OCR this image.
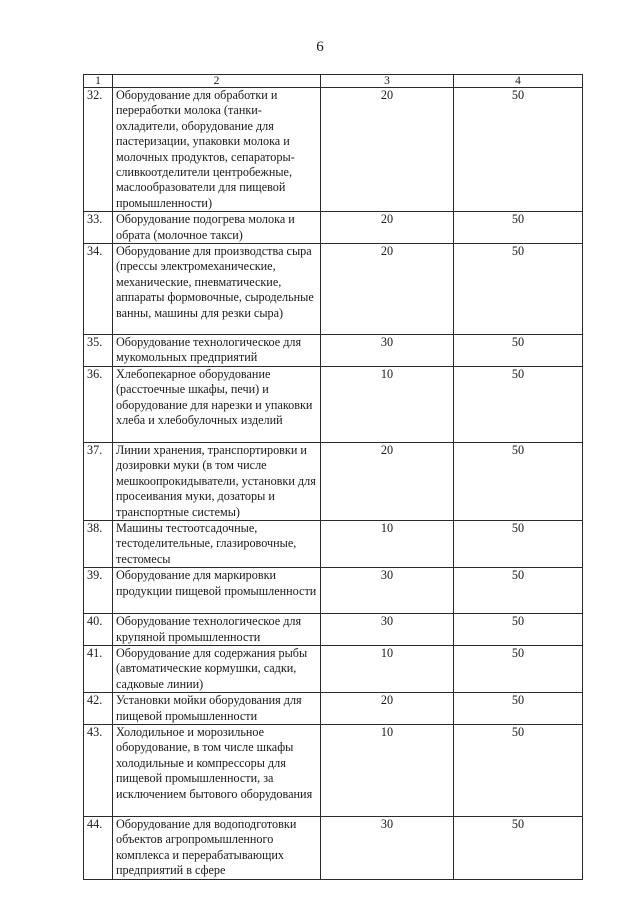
6
1	2	3	4
32.	Оборудование для обработки и переработки молока (танки-охладители, оборудование для пастеризации, упаковки молока и молочных продуктов, сепараторы-сливкоотделители центробежные, маслообразователи для пищевой промышленности)	20	50
33.	Оборудование подогрева молока и обрата (молочное такси)	20	50
34.	Оборудование для производства сыра (прессы электромеханические, механические, пневматические, аппараты формовочные, сыродельные ванны, машины для резки сыра)	20	50
35.	Оборудование технологическое для мукомольных предприятий	30	50
36.	Хлебопекарное оборудование (расстоечные шкафы, печи) и оборудование для нарезки и упаковки хлеба и хлебобулочных изделий	10	50
37.	Линии хранения, транспортировки и дозировки муки (в том числе мешкоопрокидыватели, установки для просеивания муки, дозаторы и транспортные системы)	20	50
38.	Машины тестоотсадочные, тестоделительные, глазировочные, тестомесы	10	50
39.	Оборудование для маркировки продукции пищевой промышленности	30	50
40.	Оборудование технологическое для крупяной промышленности	30	50
41.	Оборудование для содержания рыбы (автоматические кормушки, садки, садковые линии)	10	50
42.	Установки мойки оборудования для пищевой промышленности	20	50
43.	Холодильное и морозильное оборудование, в том числе шкафы холодильные и компрессоры для пищевой промышленности, за исключением бытового оборудования	10	50
44.	Оборудование для водоподготовки объектов агропромышленного комплекса и перерабатывающих предприятий в сфере	30	50
